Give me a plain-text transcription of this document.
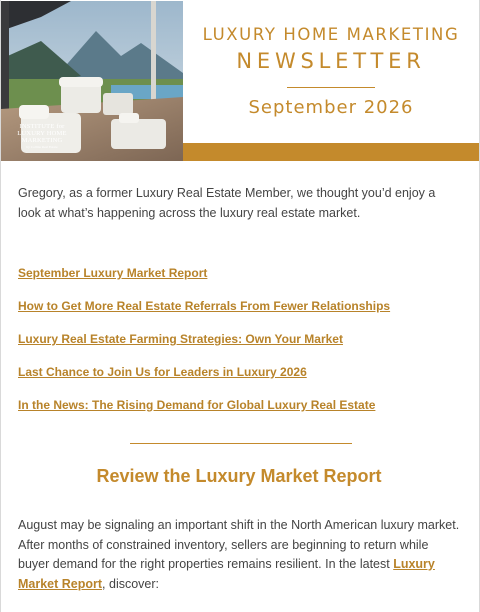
INSTITUTE for
LUXURY HOME
MARKETING
by Collins Real Estate
LUXURY HOME MARKETING
NEWSLETTER
September 2026

Gregory, as a former Luxury Real Estate Member, we thought you’d enjoy a look at what’s happening across the luxury real estate market.

September Luxury Market Report
How to Get More Real Estate Referrals From Fewer Relationships
Luxury Real Estate Farming Strategies: Own Your Market
Last Chance to Join Us for Leaders in Luxury 2026
In the News: The Rising Demand for Global Luxury Real Estate
Review the Luxury Market Report

August may be signaling an important shift in the North American luxury market. After months of constrained inventory, sellers are beginning to return while buyer demand for the right properties remains resilient. In the latest Luxury Market Report, discover:
